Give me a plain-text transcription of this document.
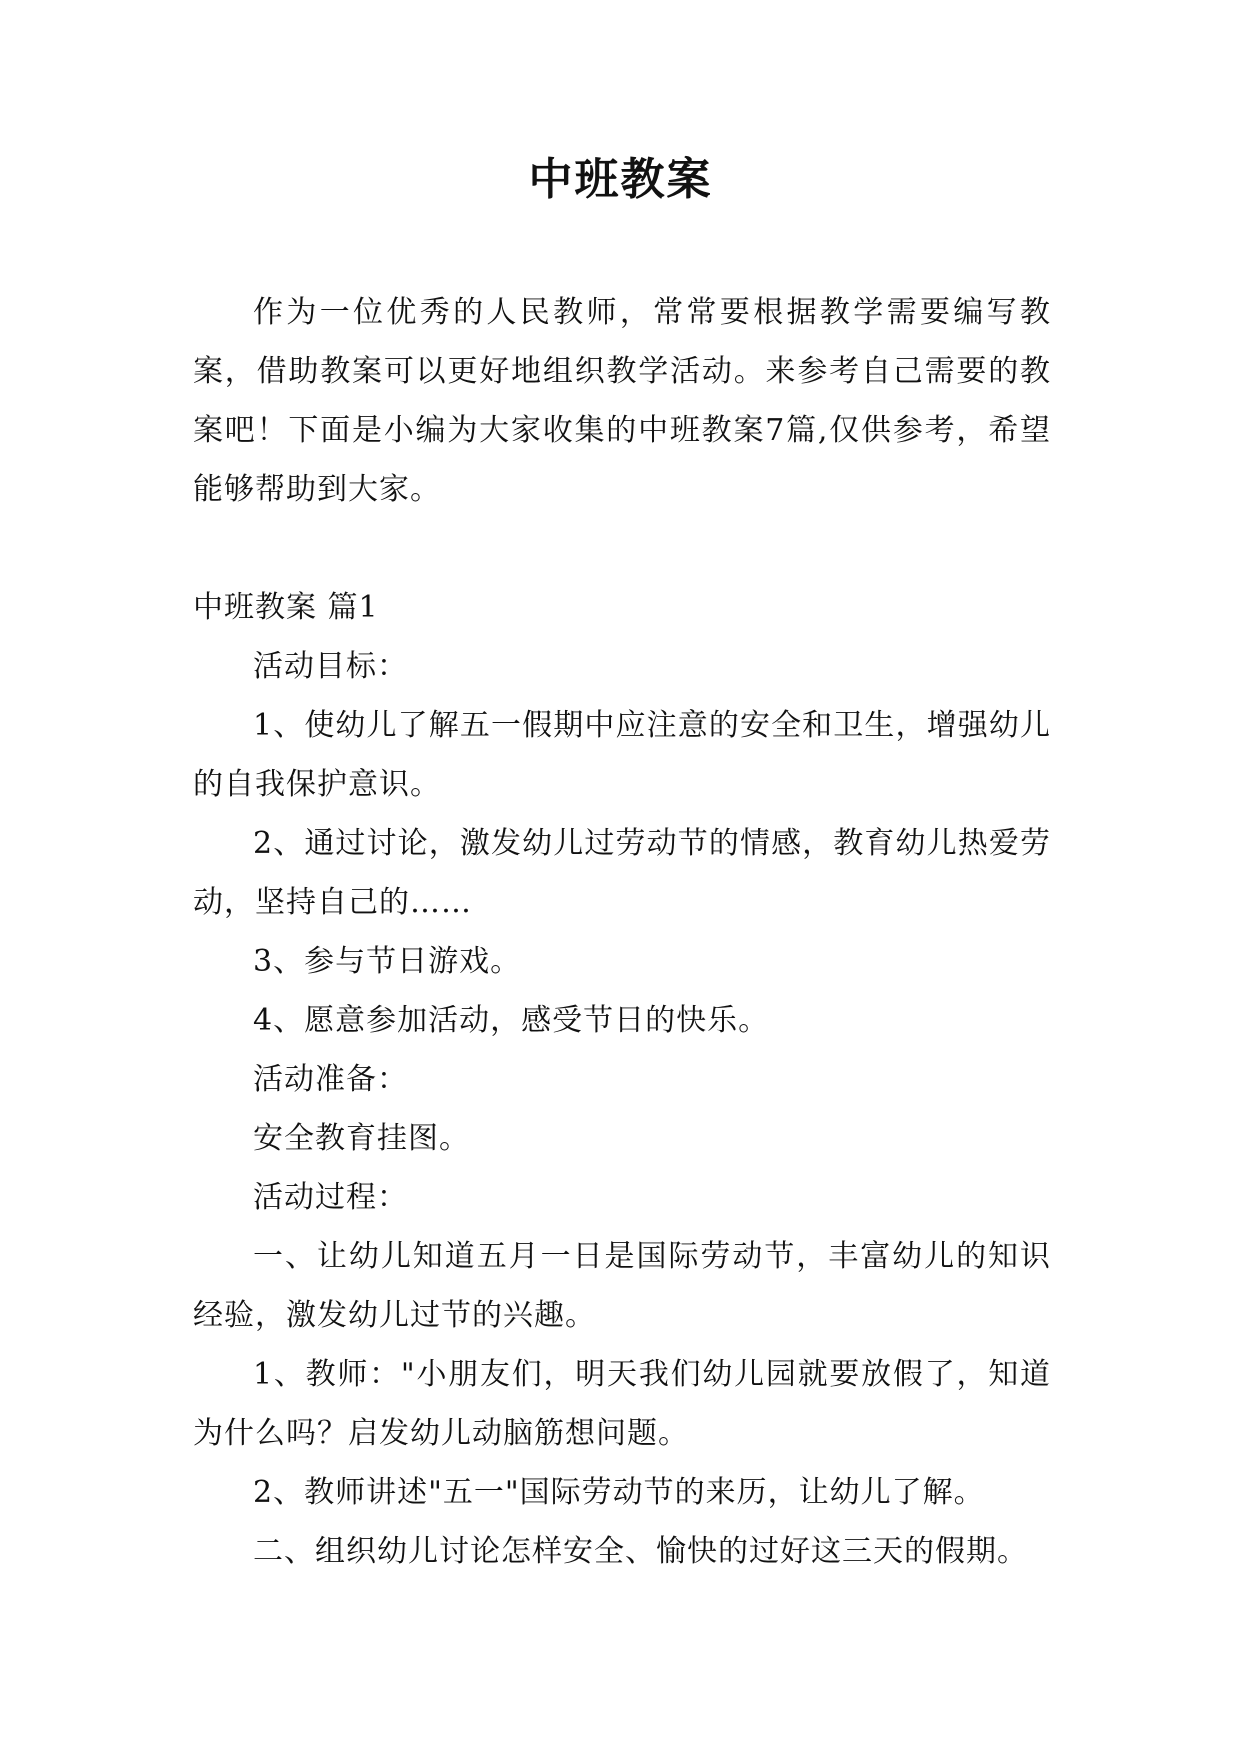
中班教案

作为一位优秀的人民教师，常常要根据教学需要编写教案，借助教案可以更好地组织教学活动。来参考自己需要的教案吧！下面是小编为大家收集的中班教案7篇,仅供参考，希望能够帮助到大家。

中班教案 篇1

活动目标：

1、使幼儿了解五一假期中应注意的安全和卫生，增强幼儿的自我保护意识。

2、通过讨论，激发幼儿过劳动节的情感，教育幼儿热爱劳动，坚持自己的……

3、参与节日游戏。

4、愿意参加活动，感受节日的快乐。

活动准备：

安全教育挂图。

活动过程：

一、让幼儿知道五月一日是国际劳动节，丰富幼儿的知识经验，激发幼儿过节的兴趣。

1、教师："小朋友们，明天我们幼儿园就要放假了，知道为什么吗？启发幼儿动脑筋想问题。

2、教师讲述"五一"国际劳动节的来历，让幼儿了解。

二、组织幼儿讨论怎样安全、愉快的过好这三天的假期。
